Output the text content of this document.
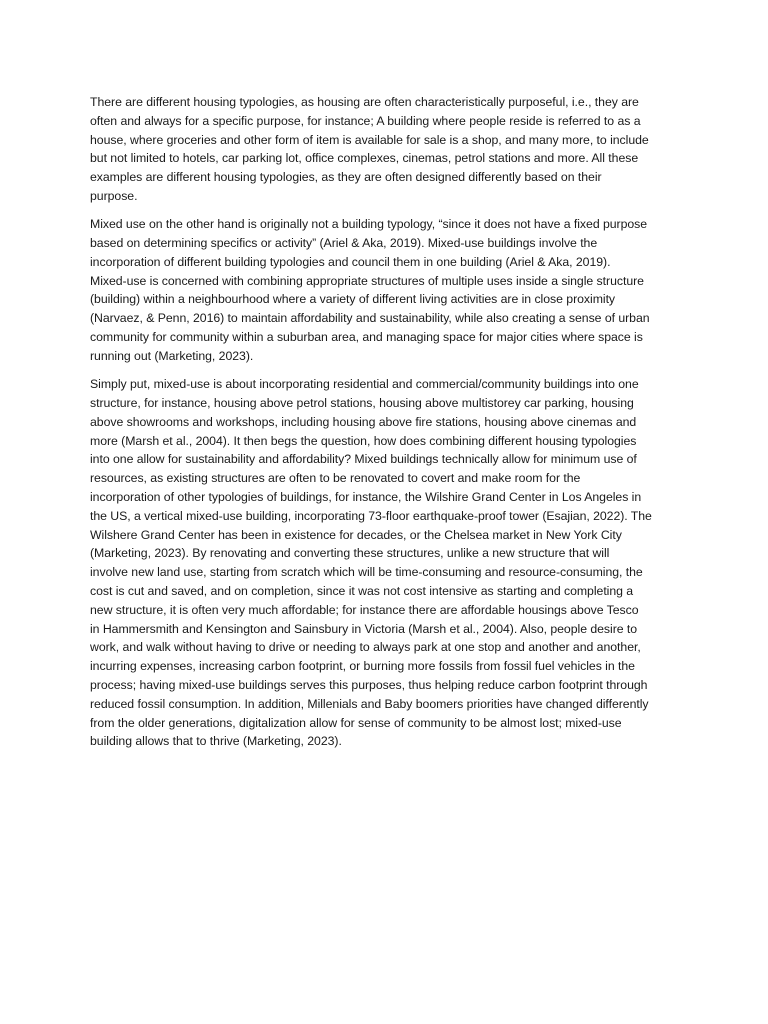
There are different housing typologies, as housing are often characteristically purposeful, i.e., they are
often and always for a specific purpose, for instance; A building where people reside is referred to as a
house, where groceries and other form of item is available for sale is a shop, and many more, to include
but not limited to hotels, car parking lot, office complexes, cinemas, petrol stations and more. All these
examples are different housing typologies, as they are often designed differently based on their
purpose.

Mixed use on the other hand is originally not a building typology, “since it does not have a fixed purpose
based on determining specifics or activity” (Ariel & Aka, 2019). Mixed-use buildings involve the
incorporation of different building typologies and council them in one building (Ariel & Aka, 2019).
Mixed-use is concerned with combining appropriate structures of multiple uses inside a single structure
(building) within a neighbourhood where a variety of different living activities are in close proximity
(Narvaez, & Penn, 2016) to maintain affordability and sustainability, while also creating a sense of urban
community for community within a suburban area, and managing space for major cities where space is
running out (Marketing, 2023).

Simply put, mixed-use is about incorporating residential and commercial/community buildings into one
structure, for instance, housing above petrol stations, housing above multistorey car parking, housing
above showrooms and workshops, including housing above fire stations, housing above cinemas and
more (Marsh et al., 2004). It then begs the question, how does combining different housing typologies
into one allow for sustainability and affordability? Mixed buildings technically allow for minimum use of
resources, as existing structures are often to be renovated to covert and make room for the
incorporation of other typologies of buildings, for instance, the Wilshire Grand Center in Los Angeles in
the US, a vertical mixed-use building, incorporating 73-floor earthquake-proof tower (Esajian, 2022). The
Wilshere Grand Center has been in existence for decades, or the Chelsea market in New York City
(Marketing, 2023). By renovating and converting these structures, unlike a new structure that will
involve new land use, starting from scratch which will be time-consuming and resource-consuming, the
cost is cut and saved, and on completion, since it was not cost intensive as starting and completing a
new structure, it is often very much affordable; for instance there are affordable housings above Tesco
in Hammersmith and Kensington and Sainsbury in Victoria (Marsh et al., 2004). Also, people desire to
work, and walk without having to drive or needing to always park at one stop and another and another,
incurring expenses, increasing carbon footprint, or burning more fossils from fossil fuel vehicles in the
process; having mixed-use buildings serves this purposes, thus helping reduce carbon footprint through
reduced fossil consumption. In addition, Millenials and Baby boomers priorities have changed differently
from the older generations, digitalization allow for sense of community to be almost lost; mixed-use
building allows that to thrive (Marketing, 2023).
